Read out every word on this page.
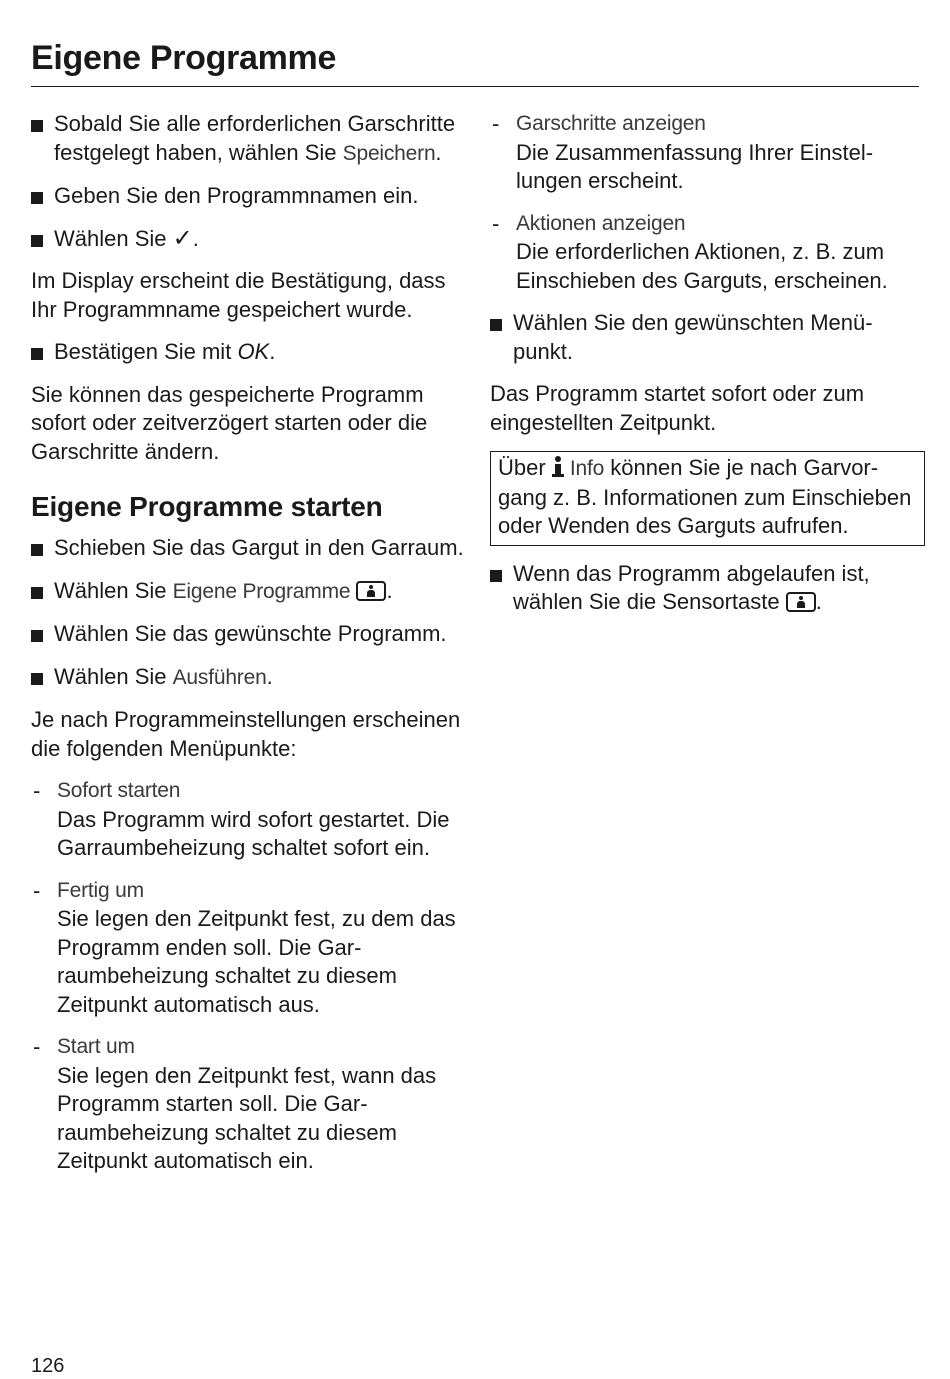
Eigene Programme
Sobald Sie alle erforderlichen Garschritte festgelegt haben, wählen Sie Speichern.
Geben Sie den Programmnamen ein.
Wählen Sie ✓.
Im Display erscheint die Bestätigung, dass Ihr Programmname gespeichert wurde.
Bestätigen Sie mit OK.
Sie können das gespeicherte Programm sofort oder zeitverzögert starten oder die Garschritte ändern.
Eigene Programme starten
Schieben Sie das Gargut in den Garraum.
Wählen Sie Eigene Programme .
Wählen Sie das gewünschte Programm.
Wählen Sie Ausführen.
Je nach Programmeinstellungen erscheinen die folgenden Menüpunkte:
- Sofort starten
Das Programm wird sofort gestartet. Die Garraumbeheizung schaltet sofort ein.
- Fertig um
Sie legen den Zeitpunkt fest, zu dem das Programm enden soll. Die Garraumbeheizung schaltet zu diesem Zeitpunkt automatisch aus.
- Start um
Sie legen den Zeitpunkt fest, wann das Programm starten soll. Die Garraumbeheizung schaltet zu diesem Zeitpunkt automatisch ein.
- Garschritte anzeigen
Die Zusammenfassung Ihrer Einstellungen erscheint.
- Aktionen anzeigen
Die erforderlichen Aktionen, z. B. zum Einschieben des Garguts, erscheinen.
Wählen Sie den gewünschten Menüpunkt.
Das Programm startet sofort oder zum eingestellten Zeitpunkt.
Über
Info können Sie je nach Garvorgang z. B. Informationen zum Einschieben oder Wenden des Garguts aufrufen.
Wenn das Programm abgelaufen ist, wählen Sie die Sensortaste
.
126
